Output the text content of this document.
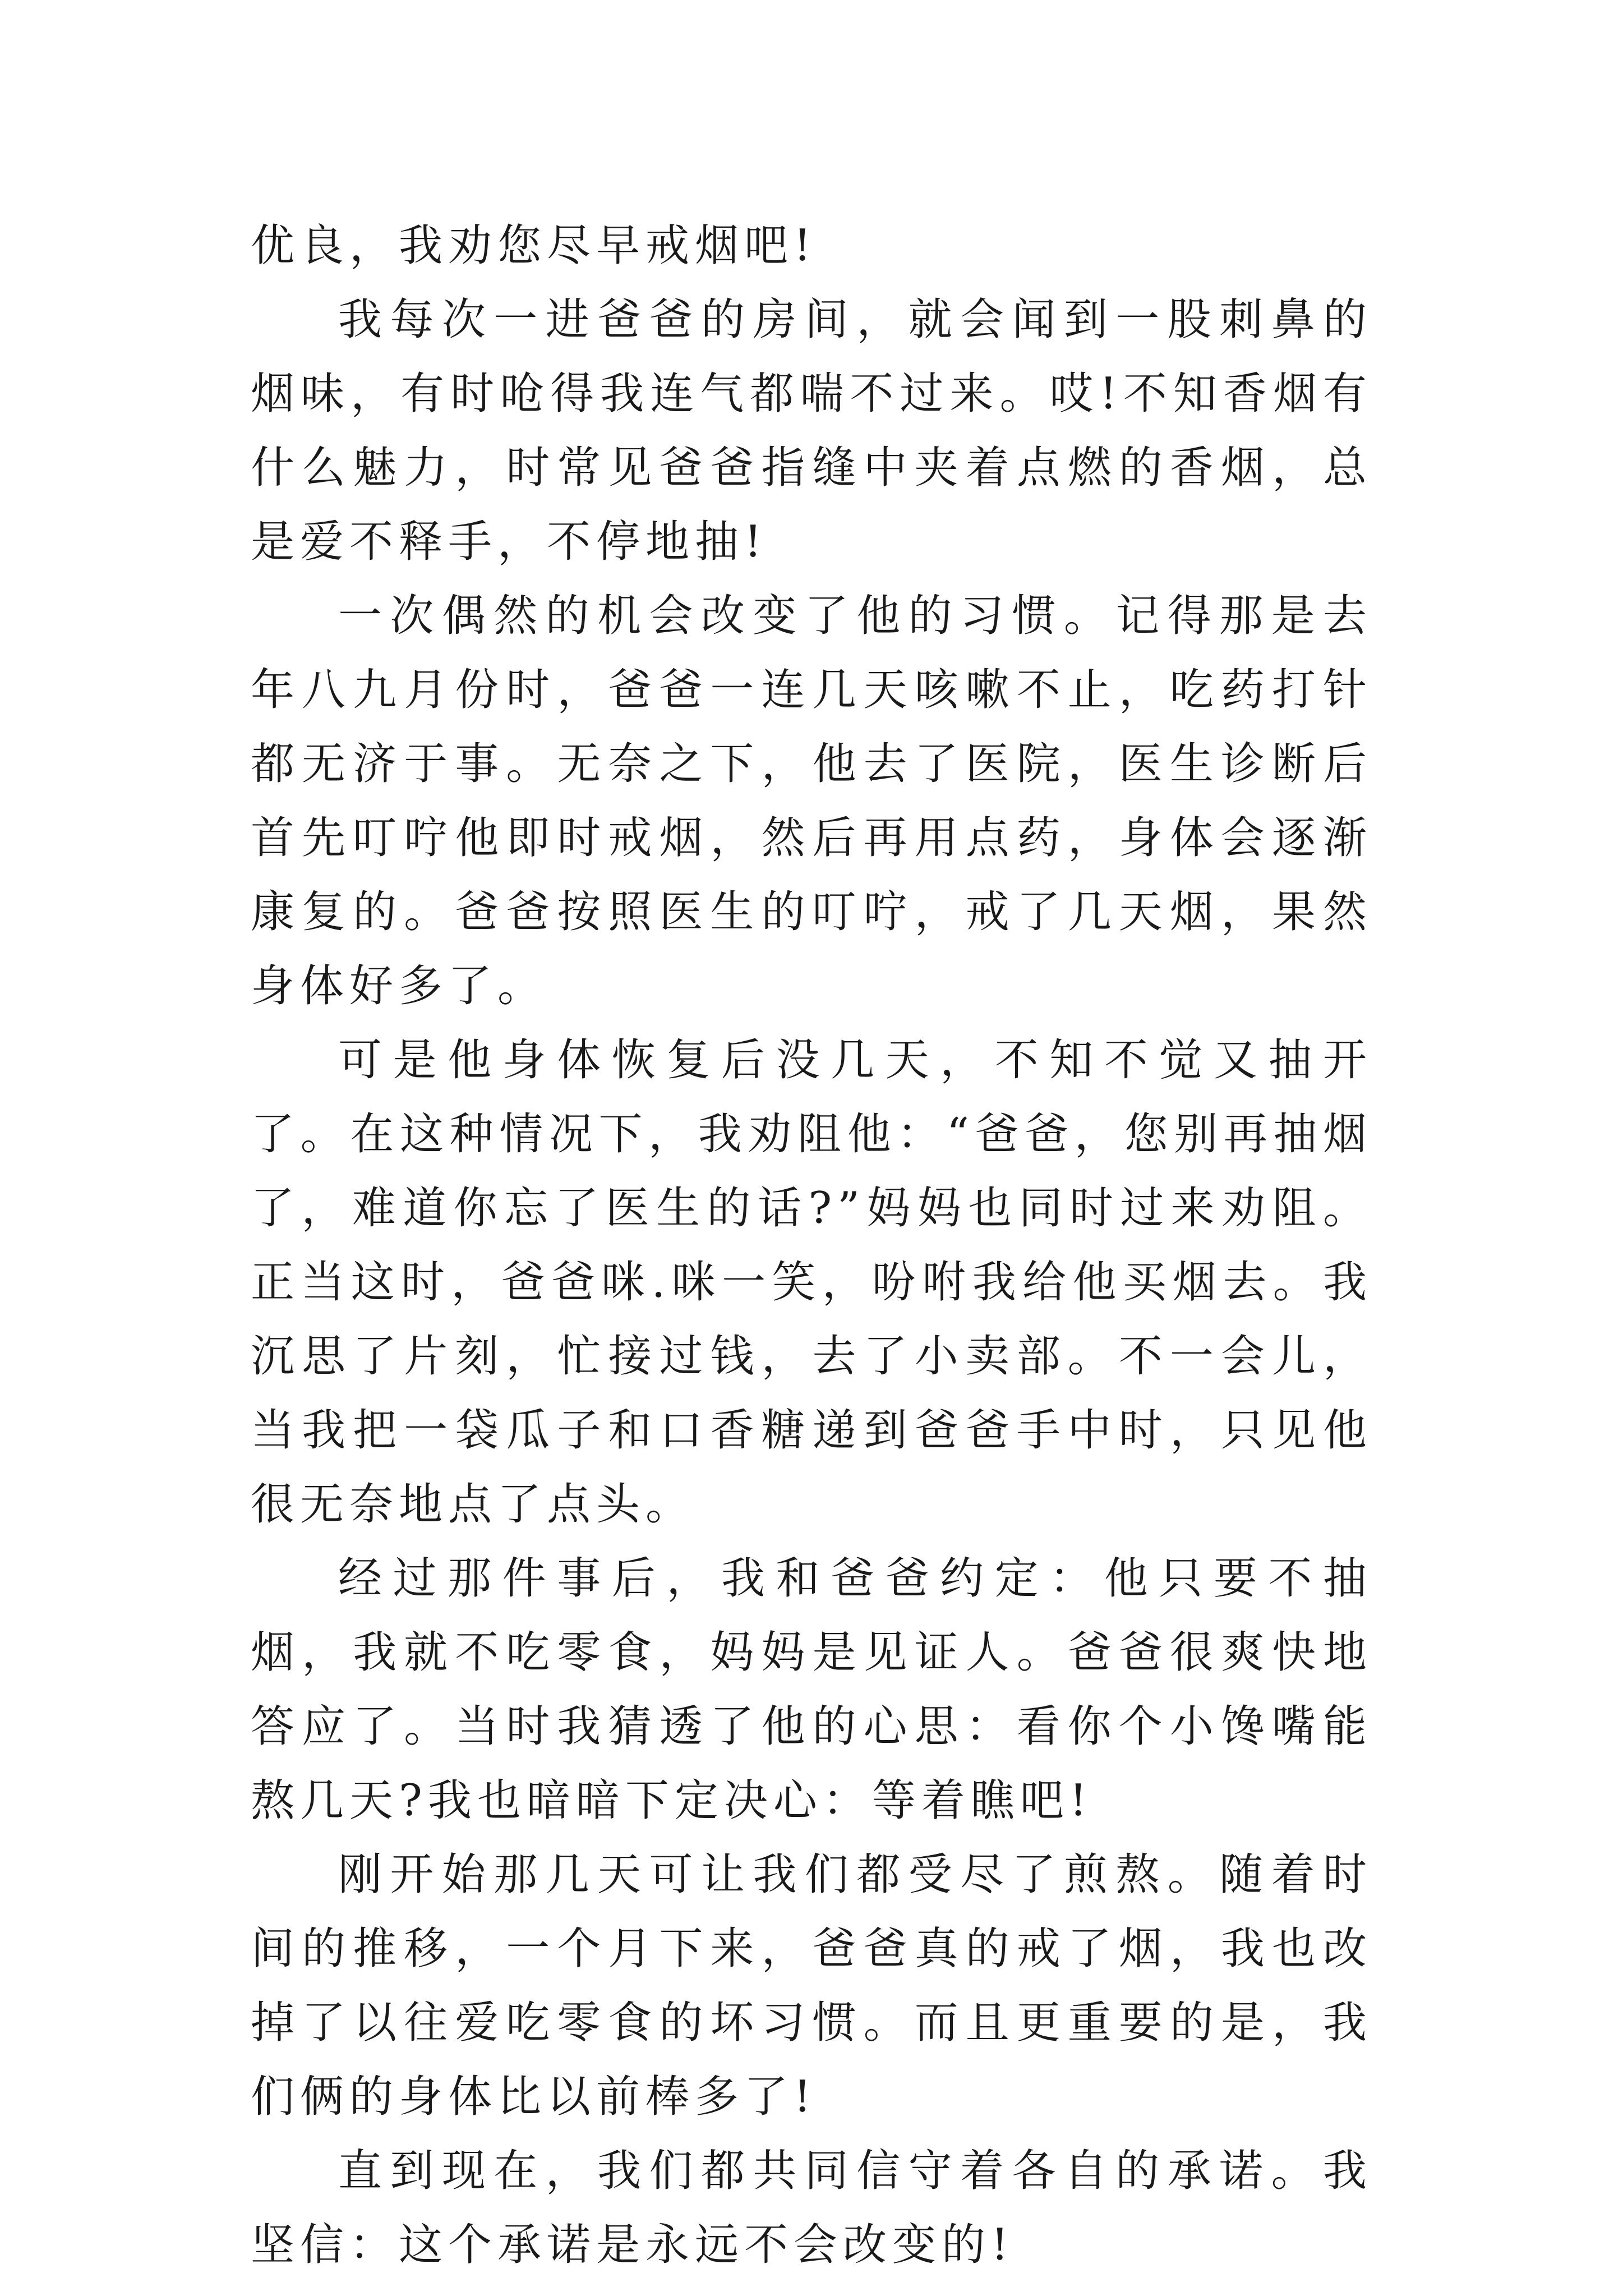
优良，我劝您尽早戒烟吧!

我每次一进爸爸的房间，就会闻到一股刺鼻的烟味，有时呛得我连气都喘不过来。哎!不知香烟有什么魅力，时常见爸爸指缝中夹着点燃的香烟，总是爱不释手，不停地抽!

一次偶然的机会改变了他的习惯。记得那是去年八九月份时，爸爸一连几天咳嗽不止，吃药打针都无济于事。无奈之下，他去了医院，医生诊断后首先叮咛他即时戒烟，然后再用点药，身体会逐渐康复的。爸爸按照医生的叮咛，戒了几天烟，果然身体好多了。

可是他身体恢复后没几天，不知不觉又抽开了。在这种情况下，我劝阻他：“爸爸，您别再抽烟了，难道你忘了医生的话?”妈妈也同时过来劝阻。正当这时，爸爸咪.咪一笑，吩咐我给他买烟去。我沉思了片刻，忙接过钱，去了小卖部。不一会儿，当我把一袋瓜子和口香糖递到爸爸手中时，只见他很无奈地点了点头。

经过那件事后，我和爸爸约定：他只要不抽烟，我就不吃零食，妈妈是见证人。爸爸很爽快地答应了。当时我猜透了他的心思：看你个小馋嘴能熬几天?我也暗暗下定决心：等着瞧吧!

刚开始那几天可让我们都受尽了煎熬。随着时间的推移，一个月下来，爸爸真的戒了烟，我也改掉了以往爱吃零食的坏习惯。而且更重要的是，我们俩的身体比以前棒多了!

直到现在，我们都共同信守着各自的承诺。我坚信：这个承诺是永远不会改变的!
